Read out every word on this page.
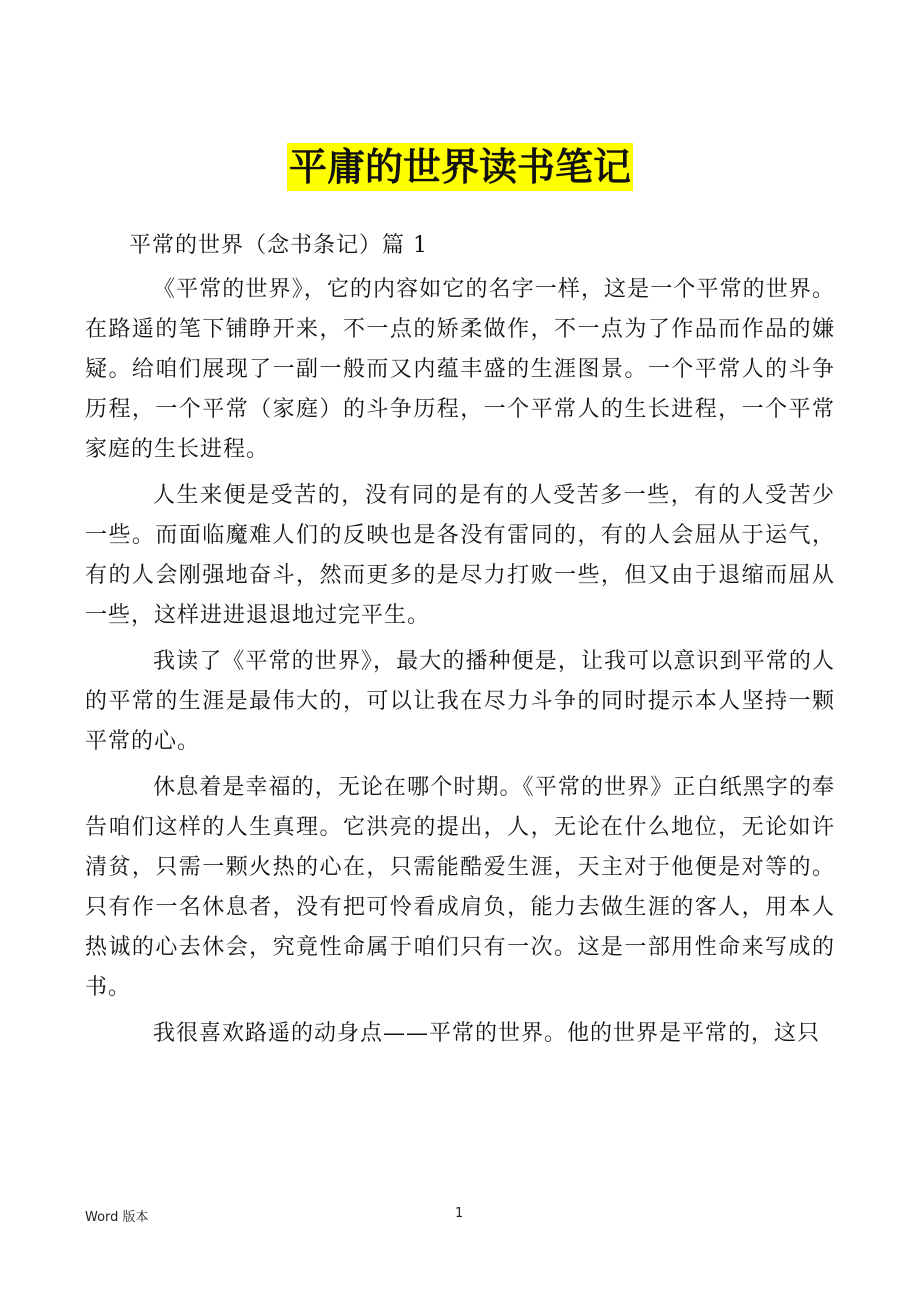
平庸的世界读书笔记
平常的世界（念书条记）篇 1

《平常的世界》，它的内容如它的名字一样，这是一个平常的世界。在路遥的笔下铺睁开来，不一点的矫柔做作，不一点为了作品而作品的嫌疑。给咱们展现了一副一般而又内蕴丰盛的生涯图景。一个平常人的斗争历程，一个平常（家庭）的斗争历程，一个平常人的生长进程，一个平常家庭的生长进程。

人生来便是受苦的，没有同的是有的人受苦多一些，有的人受苦少一些。而面临魔难人们的反映也是各没有雷同的，有的人会屈从于运气，有的人会刚强地奋斗，然而更多的是尽力打败一些，但又由于退缩而屈从一些，这样进进退退地过完平生。

我读了《平常的世界》，最大的播种便是，让我可以意识到平常的人的平常的生涯是最伟大的，可以让我在尽力斗争的同时提示本人坚持一颗平常的心。

休息着是幸福的，无论在哪个时期。《平常的世界》正白纸黑字的奉告咱们这样的人生真理。它洪亮的提出，人，无论在什么地位，无论如许清贫，只需一颗火热的心在，只需能酷爱生涯，天主对于他便是对等的。只有作一名休息者，没有把可怜看成肩负，能力去做生涯的客人，用本人热诚的心去休会，究竟性命属于咱们只有一次。这是一部用性命来写成的书。

我很喜欢路遥的动身点——平常的世界。他的世界是平常的，这只

Word 版本	1
